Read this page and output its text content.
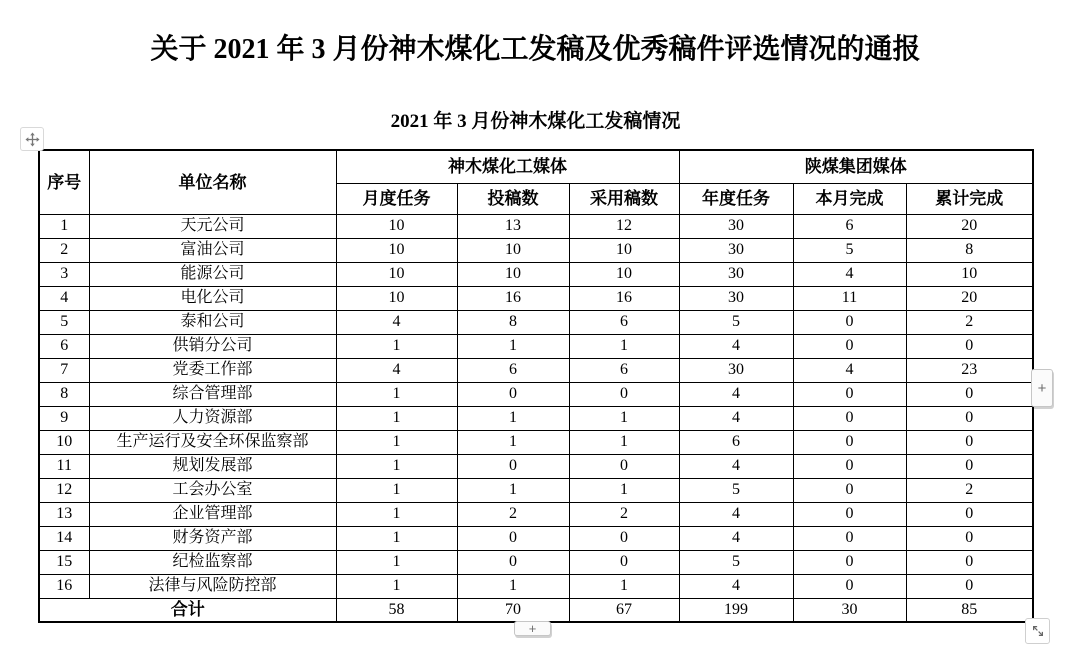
关于 2021 年 3 月份神木煤化工发稿及优秀稿件评选情况的通报
2021 年 3 月份神木煤化工发稿情况
序号	单位名称	神木煤化工媒体			陕煤集团媒体		
		月度任务	投稿数	采用稿数	年度任务	本月完成	累计完成
1	天元公司	10	13	12	30	6	20
2	富油公司	10	10	10	30	5	8
3	能源公司	10	10	10	30	4	10
4	电化公司	10	16	16	30	11	20
5	泰和公司	4	8	6	5	0	2
6	供销分公司	1	1	1	4	0	0
7	党委工作部	4	6	6	30	4	23
8	综合管理部	1	0	0	4	0	0
9	人力资源部	1	1	1	4	0	0
10	生产运行及安全环保监察部	1	1	1	6	0	0
11	规划发展部	1	0	0	4	0	0
12	工会办公室	1	1	1	5	0	2
13	企业管理部	1	2	2	4	0	0
14	财务资产部	1	0	0	4	0	0
15	纪检监察部	1	0	0	5	0	0
16	法律与风险防控部	1	1	1	4	0	0
合计		58	70	67	199	30	85
+
+
